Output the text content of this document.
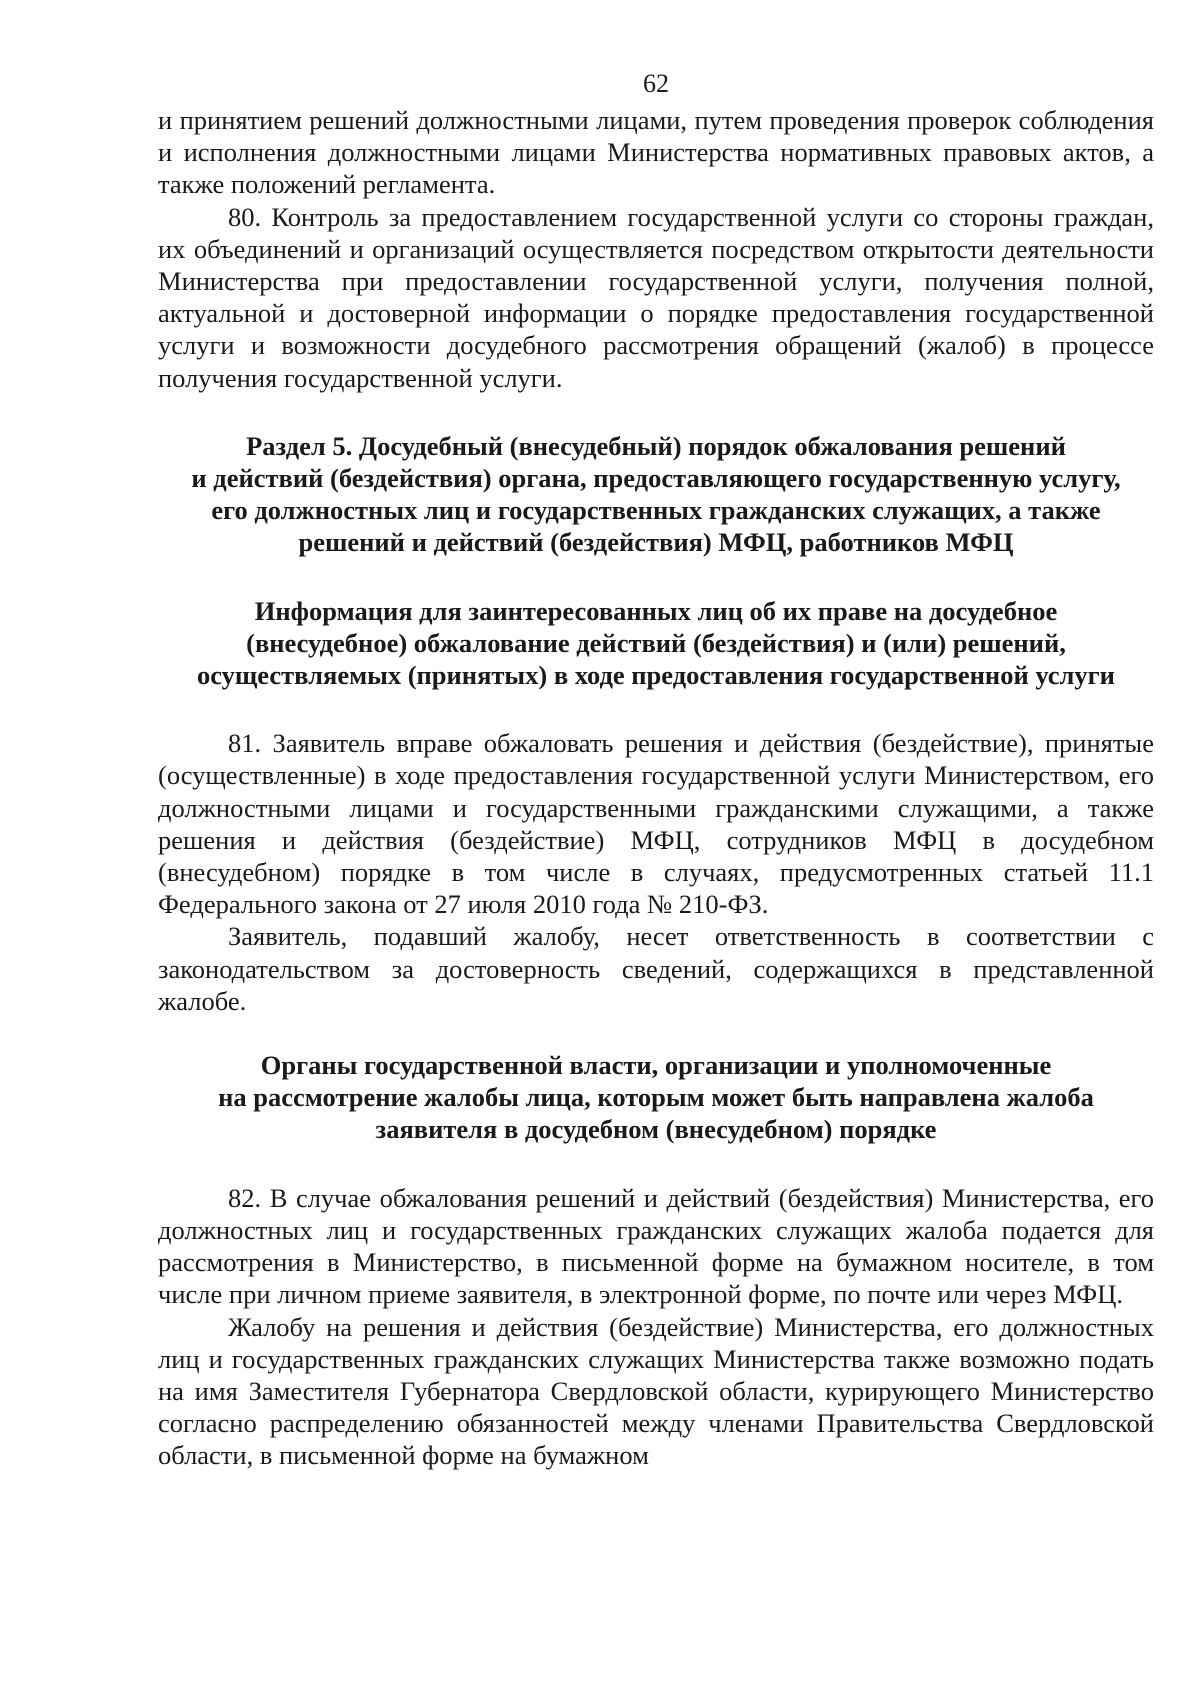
62

и принятием решений должностными лицами, путем проведения проверок соблюдения и исполнения должностными лицами Министерства нормативных правовых актов, а также положений регламента.

80. Контроль за предоставлением государственной услуги со стороны граждан, их объединений и организаций осуществляется посредством открытости деятельности Министерства при предоставлении государственной услуги, получения полной, актуальной и достоверной информации о порядке предоставления государственной услуги и возможности досудебного рассмотрения обращений (жалоб) в процессе получения государственной услуги.

Раздел 5. Досудебный (внесудебный) порядок обжалования решений
и действий (бездействия) органа, предоставляющего государственную услугу,
его должностных лиц и государственных гражданских служащих, а также
решений и действий (бездействия) МФЦ, работников МФЦ
Информация для заинтересованных лиц об их праве на досудебное
(внесудебное) обжалование действий (бездействия) и (или) решений,
осуществляемых (принятых) в ходе предоставления государственной услуги

81. Заявитель вправе обжаловать решения и действия (бездействие), принятые (осуществленные) в ходе предоставления государственной услуги Министерством, его должностными лицами и государственными гражданскими служащими, а также решения и действия (бездействие) МФЦ, сотрудников МФЦ в досудебном (внесудебном) порядке в том числе в случаях, предусмотренных статьей 11.1 Федерального закона от 27 июля 2010 года № 210-ФЗ.

Заявитель, подавший жалобу, несет ответственность в соответствии с законодательством за достоверность сведений, содержащихся в представленной жалобе.

Органы государственной власти, организации и уполномоченные
на рассмотрение жалобы лица, которым может быть направлена жалоба
заявителя в досудебном (внесудебном) порядке

82. В случае обжалования решений и действий (бездействия) Министерства, его должностных лиц и государственных гражданских служащих жалоба подается для рассмотрения в Министерство, в письменной форме на бумажном носителе, в том числе при личном приеме заявителя, в электронной форме, по почте или через МФЦ.

Жалобу на решения и действия (бездействие) Министерства, его должностных лиц и государственных гражданских служащих Министерства также возможно подать на имя Заместителя Губернатора Свердловской области, курирующего Министерство согласно распределению обязанностей между членами Правительства Свердловской области, в письменной форме на бумажном
